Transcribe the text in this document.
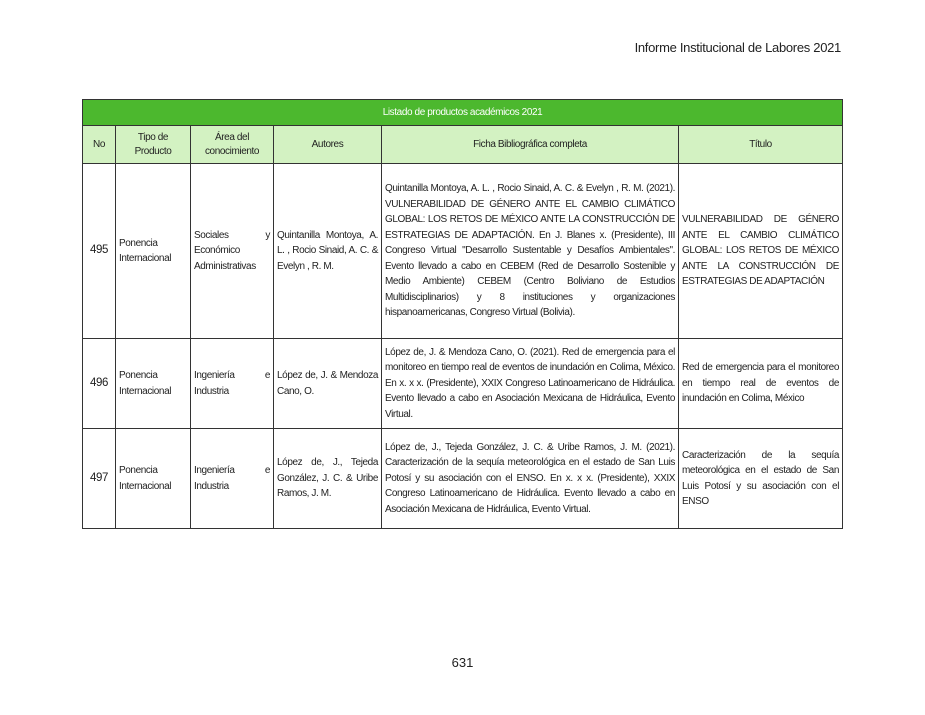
Informe Institucional de Labores 2021
Listado de productos académicos 2021					
No	Tipo de Producto	Área del conocimiento	Autores	Ficha Bibliográfica completa	Título
495	Ponencia Internacional	Sociales y Económico Administrativas	Quintanilla Montoya, A. L. , Rocio Sinaid, A. C. & Evelyn , R. M.	Quintanilla Montoya, A. L. , Rocio Sinaid, A. C. & Evelyn , R. M. (2021). VULNERABILIDAD DE GÉNERO ANTE EL CAMBIO CLIMÁTICO GLOBAL: LOS RETOS DE MÉXICO ANTE LA CONSTRUCCIÓN DE ESTRATEGIAS DE ADAPTACIÓN. En J. Blanes x. (Presidente), III Congreso Virtual "Desarrollo Sustentable y Desafíos Ambientales". Evento llevado a cabo en CEBEM (Red de Desarrollo Sostenible y Medio Ambiente) CEBEM (Centro Boliviano de Estudios Multidisciplinarios) y 8 instituciones y organizaciones hispanoamericanas, Congreso Virtual (Bolivia).	VULNERABILIDAD DE GÉNERO ANTE EL CAMBIO CLIMÁTICO GLOBAL: LOS RETOS DE MÉXICO ANTE LA CONSTRUCCIÓN DE ESTRATEGIAS DE ADAPTACIÓN
496	Ponencia Internacional	Ingeniería e Industria	López de, J. & Mendoza Cano, O.	López de, J. & Mendoza Cano, O. (2021). Red de emergencia para el monitoreo en tiempo real de eventos de inundación en Colima, México. En x. x x. (Presidente), XXIX Congreso Latinoamericano de Hidráulica. Evento llevado a cabo en Asociación Mexicana de Hidráulica, Evento Virtual.	Red de emergencia para el monitoreo en tiempo real de eventos de inundación en Colima, México
497	Ponencia Internacional	Ingeniería e Industria	López de, J., Tejeda González, J. C. & Uribe Ramos, J. M.	López de, J., Tejeda González, J. C. & Uribe Ramos, J. M. (2021). Caracterización de la sequía meteorológica en el estado de San Luis Potosí y su asociación con el ENSO. En x. x x. (Presidente), XXIX Congreso Latinoamericano de Hidráulica. Evento llevado a cabo en Asociación Mexicana de Hidráulica, Evento Virtual.	Caracterización de la sequía meteorológica en el estado de San Luis Potosí y su asociación con el ENSO
631
